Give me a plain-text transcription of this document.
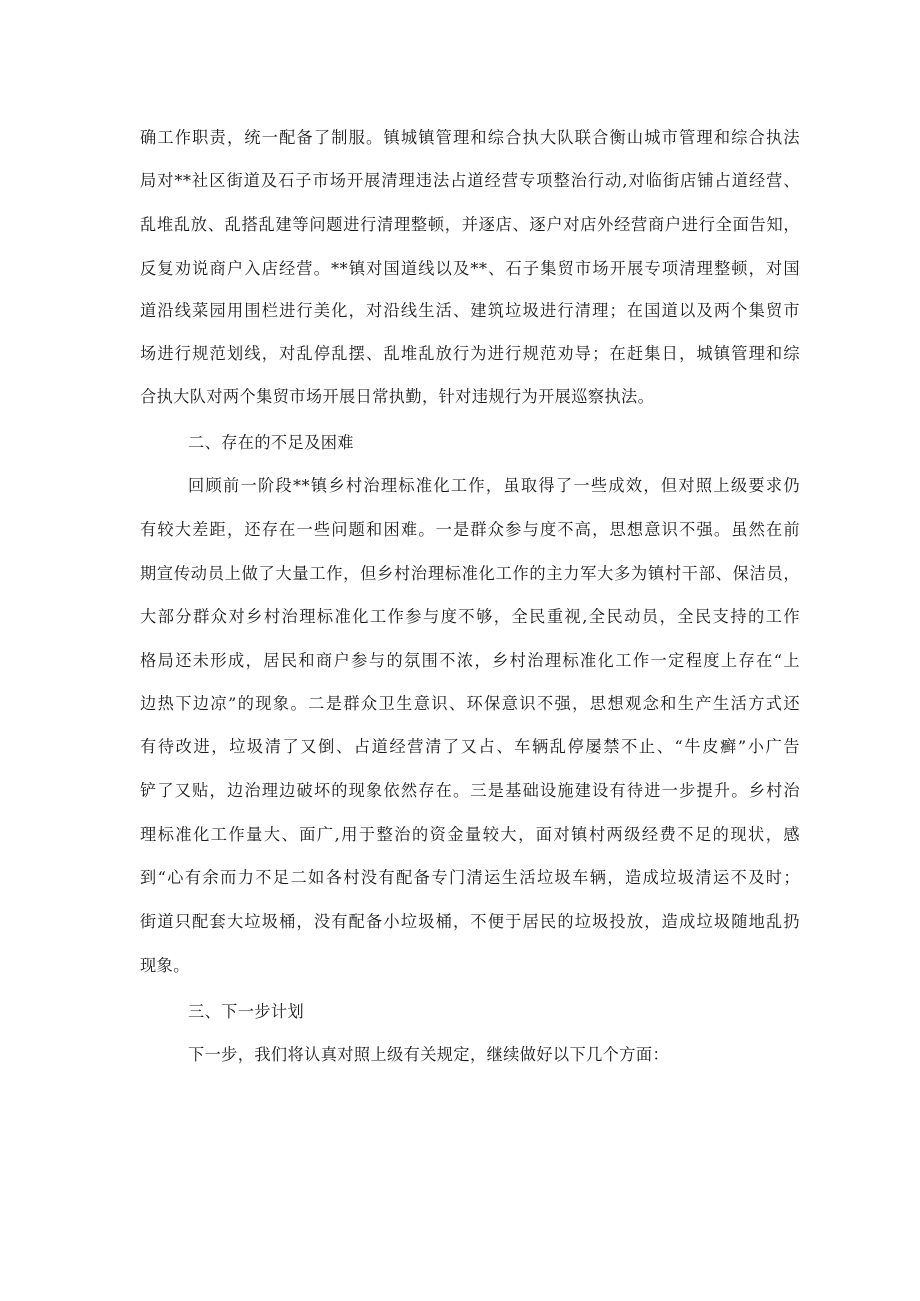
确工作职责，统一配备了制服。镇城镇管理和综合执大队联合衡山城市管理和综合执法
局对**社区街道及石子市场开展清理违法占道经营专项整治行动,对临街店铺占道经营、
乱堆乱放、乱搭乱建等问题进行清理整顿，并逐店、逐户对店外经营商户进行全面告知，
反复劝说商户入店经营。**镇对国道线以及**、石子集贸市场开展专项清理整顿，对国
道沿线菜园用围栏进行美化，对沿线生活、建筑垃圾进行清理；在国道以及两个集贸市
场进行规范划线，对乱停乱摆、乱堆乱放行为进行规范劝导；在赶集日，城镇管理和综
合执大队对两个集贸市场开展日常执勤，针对违规行为开展巡察执法。
二、存在的不足及困难
回顾前一阶段**镇乡村治理标准化工作，虽取得了一些成效，但对照上级要求仍
有较大差距，还存在一些问题和困难。一是群众参与度不高，思想意识不强。虽然在前
期宣传动员上做了大量工作，但乡村治理标准化工作的主力军大多为镇村干部、保洁员，
大部分群众对乡村治理标准化工作参与度不够，全民重视,全民动员，全民支持的工作
格局还未形成，居民和商户参与的氛围不浓，乡村治理标准化工作一定程度上存在“上
边热下边凉”的现象。二是群众卫生意识、环保意识不强，思想观念和生产生活方式还
有待改进，垃圾清了又倒、占道经营清了又占、车辆乱停屡禁不止、“牛皮癣”小广告
铲了又贴，边治理边破坏的现象依然存在。三是基础设施建设有待进一步提升。乡村治
理标准化工作量大、面广,用于整治的资金量较大，面对镇村两级经费不足的现状，感
到“心有余而力不足二如各村没有配备专门清运生活垃圾车辆，造成垃圾清运不及时；
街道只配套大垃圾桶，没有配备小垃圾桶，不便于居民的垃圾投放，造成垃圾随地乱扔
现象。
三、下一步计划
下一步，我们将认真对照上级有关规定，继续做好以下几个方面：
